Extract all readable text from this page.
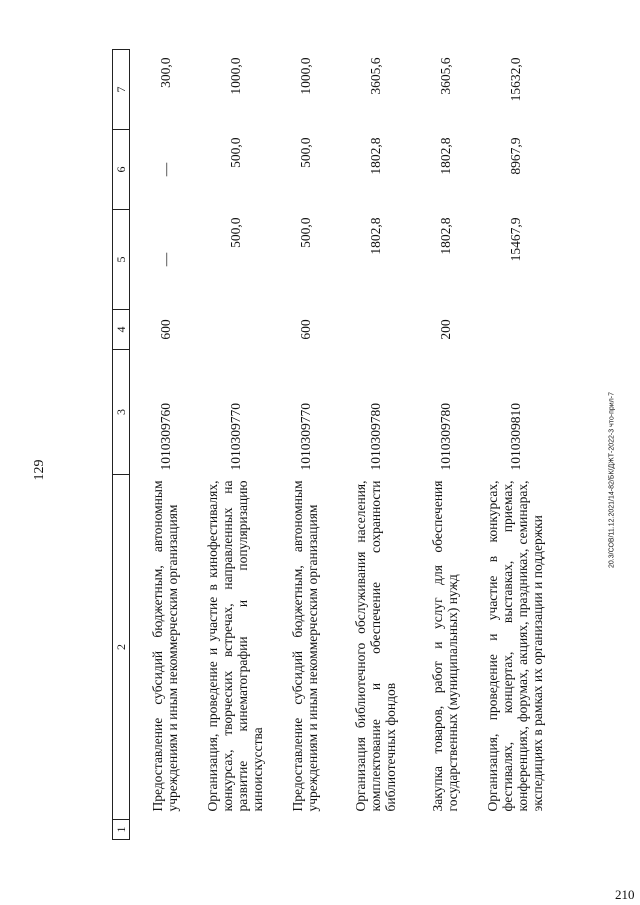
129
1	2	3	4	5	6	7
	Предоставление субсидий бюджетным, автономным учреждениям и иным некоммерческим организациям	1010309760	600	—	—	300,0
	Организация, проведение и участие в кинофестивалях, конкурсах, творческих встречах, направленных на развитие кинематографии и популяризацию киноискусства	1010309770		500,0	500,0	1000,0
	Предоставление субсидий бюджетным, автономным учреждениям и иным некоммерческим организациям	1010309770	600	500,0	500,0	1000,0
	Организация библиотечного обслуживания населения, комплектование и обеспечение сохранности библиотечных фондов	1010309780		1802,8	1802,8	3605,6
	Закупка товаров, работ и услуг для обеспечения государственных (муниципальных) нужд	1010309780	200	1802,8	1802,8	3605,6
	Организация, проведение и участие в конкурсах, фестивалях, концертах, выставках, приемах, конференциях, форумах, акциях, праздниках, семинарах, экспедициях в рамках их организации и поддержки	1010309810		15467,9	8967,9	15632,0
20.3/СОВ/11.12.2021/14-82/БК/ДЖТ-2022-3 что-прил-7
210
